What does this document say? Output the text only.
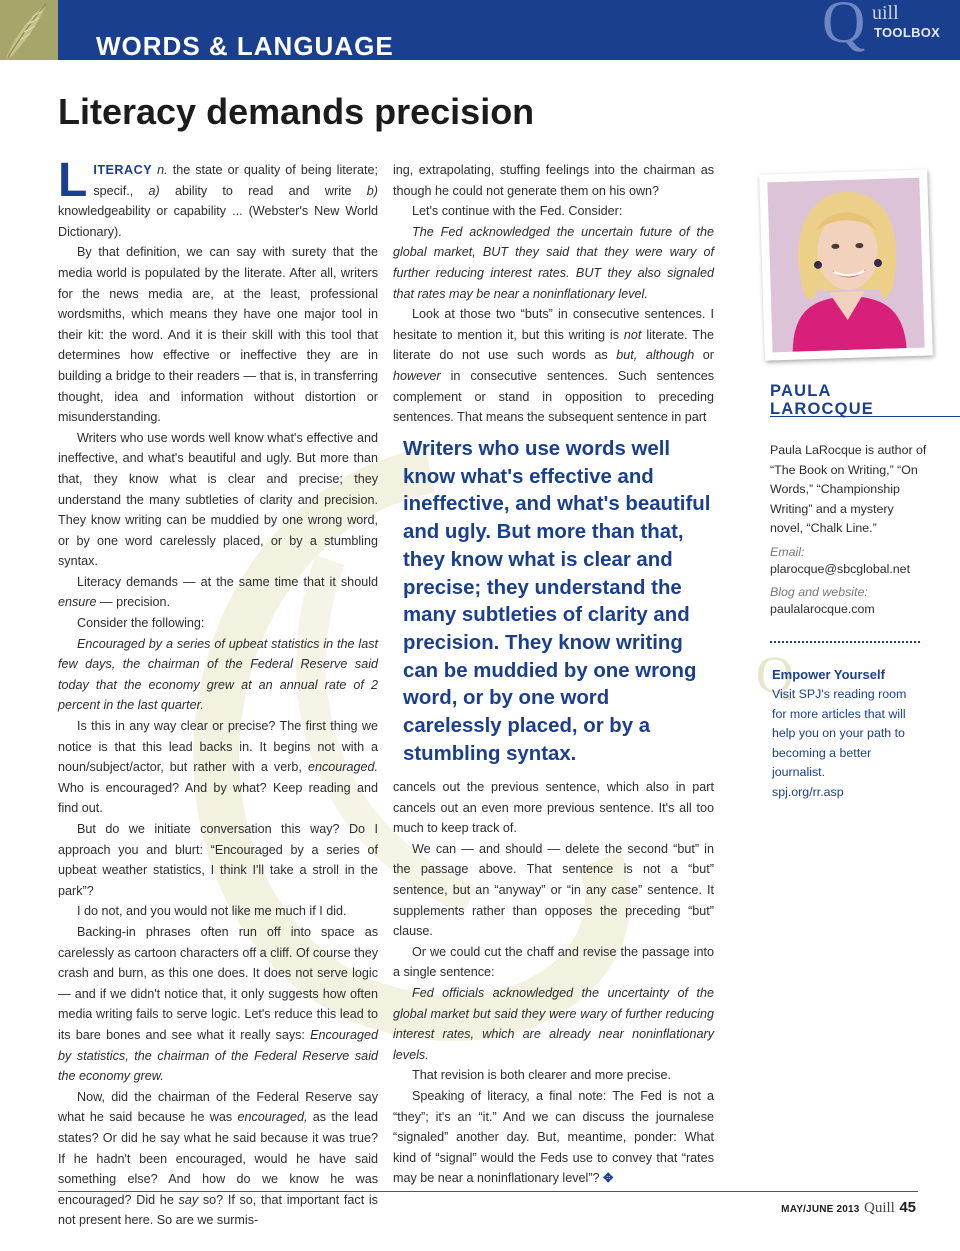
WORDS & LANGUAGE	Q uill
TOOLBOX
Literacy demands precision

LITERACY n. the state or quality of being literate; specif., a) ability to read and write b) knowledgeability or capability ... (Webster's New World Dictionary).

By that definition, we can say with surety that the media world is populated by the literate. After all, writers for the news media are, at the least, professional wordsmiths, which means they have one major tool in their kit: the word. And it is their skill with this tool that determines how effective or ineffective they are in building a bridge to their readers — that is, in transferring thought, idea and information without distortion or misunderstanding.

Writers who use words well know what's effective and ineffective, and what's beautiful and ugly. But more than that, they know what is clear and precise; they understand the many subtleties of clarity and precision. They know writing can be muddied by one wrong word, or by one word carelessly placed, or by a stumbling syntax.

Literacy demands — at the same time that it should ensure — precision.

Consider the following:

Encouraged by a series of upbeat statistics in the last few days, the chairman of the Federal Reserve said today that the economy grew at an annual rate of 2 percent in the last quarter.

Is this in any way clear or precise? The first thing we notice is that this lead backs in. It begins not with a noun/subject/actor, but rather with a verb, encouraged. Who is encouraged? And by what? Keep reading and find out.

But do we initiate conversation this way? Do I approach you and blurt: “Encouraged by a series of upbeat weather statistics, I think I'll take a stroll in the park”?

I do not, and you would not like me much if I did.

Backing-in phrases often run off into space as carelessly as cartoon characters off a cliff. Of course they crash and burn, as this one does. It does not serve logic — and if we didn't notice that, it only suggests how often media writing fails to serve logic. Let's reduce this lead to its bare bones and see what it really says: Encouraged by statistics, the chairman of the Federal Reserve said the economy grew.

Now, did the chairman of the Federal Reserve say what he said because he was encouraged, as the lead states? Or did he say what he said because it was true? If he hadn't been encouraged, would he have said something else? And how do we know he was encouraged? Did he say so? If so, that important fact is not present here. So are we surmis-

ing, extrapolating, stuffing feelings into the chairman as though he could not generate them on his own?

Let's continue with the Fed. Consider:

The Fed acknowledged the uncertain future of the global market, BUT they said that they were wary of further reducing interest rates. BUT they also signaled that rates may be near a noninflationary level.

Look at those two “buts” in consecutive sentences. I hesitate to mention it, but this writing is not literate. The literate do not use such words as but, although or however in consecutive sentences. Such sentences complement or stand in opposition to preceding sentences. That means the subsequent sentence in part

Writers who use words well know what's effective and ineffective, and what's beautiful and ugly. But more than that, they know what is clear and precise; they understand the many subtleties of clarity and precision. They know writing can be muddied by one wrong word, or by one word carelessly placed, or by a stumbling syntax.

cancels out the previous sentence, which also in part cancels out an even more previous sentence. It's all too much to keep track of.

We can — and should — delete the second “but” in the passage above. That sentence is not a “but” sentence, but an “anyway” or “in any case” sentence. It supplements rather than opposes the preceding “but” clause.

Or we could cut the chaff and revise the passage into a single sentence:

Fed officials acknowledged the uncertainty of the global market but said they were wary of further reducing interest rates, which are already near noninflationary levels.

That revision is both clearer and more precise.

Speaking of literacy, a final note: The Fed is not a “they”; it's an “it.” And we can discuss the journalese “signaled” another day. But, meantime, ponder: What kind of “signal” would the Feds use to convey that “rates may be near a noninflationary level”? ✥

PAULA
LAROCQUE
Paula LaRocque is author of “The Book on Writing,” “On Words,” “Championship Writing” and a mystery novel, “Chalk Line.”
Email:
plarocque@sbcglobal.net
Blog and website:
paulalarocque.com
Q
Empower Yourself
Visit SPJ's reading room for more articles that will help you on your path to becoming a better journalist.
spj.org/rr.asp
MAY/JUNE 2013 Quill 45
